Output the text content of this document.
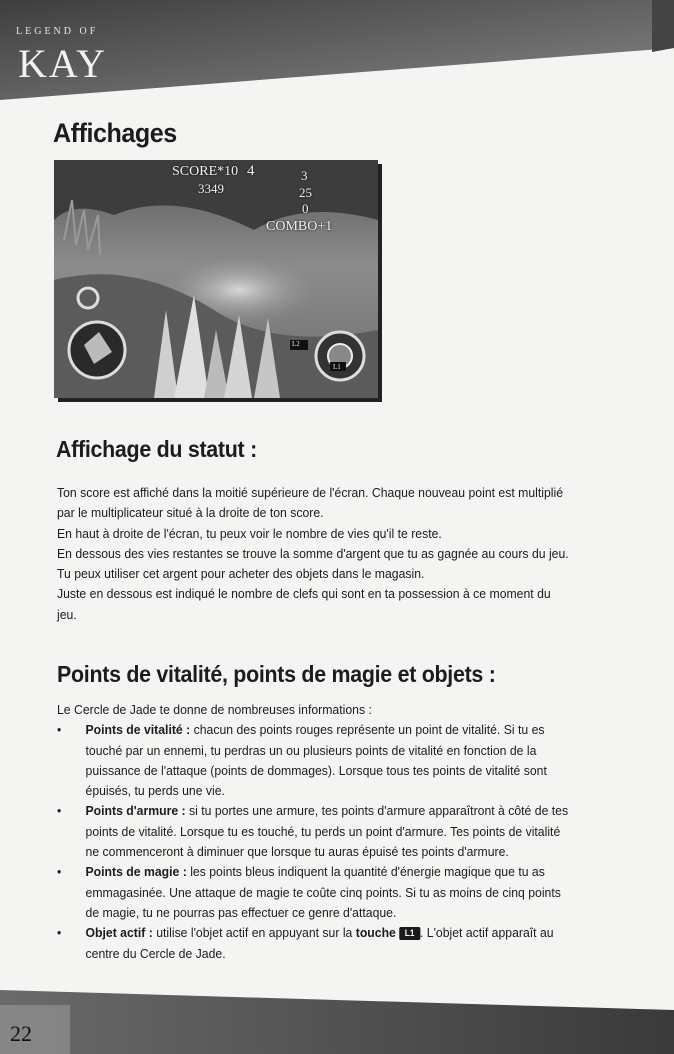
LEGEND OF
KAY
Affichages
SCORE*10 4
3349
3
25
0
COMBO+1
L2
L1
Affichage du statut :

Ton score est affiché dans la moitié supérieure de l'écran. Chaque nouveau point est multiplié par le multiplicateur situé à la droite de ton score.

En haut à droite de l'écran, tu peux voir le nombre de vies qu'il te reste.

En dessous des vies restantes se trouve la somme d'argent que tu as gagnée au cours du jeu. Tu peux utiliser cet argent pour acheter des objets dans le magasin.

Juste en dessous est indiqué le nombre de clefs qui sont en ta possession à ce moment du jeu.

Points de vitalité, points de magie et objets :

Le Cercle de Jade te donne de nombreuses informations :

• Points de vitalité : chacun des points rouges représente un point de vitalité. Si tu es touché par un ennemi, tu perdras un ou plusieurs points de vitalité en fonction de la puissance de l'attaque (points de dommages). Lorsque tous tes points de vitalité sont épuisés, tu perds une vie.
• Points d'armure : si tu portes une armure, tes points d'armure apparaîtront à côté de tes points de vitalité. Lorsque tu es touché, tu perds un point d'armure. Tes points de vitalité ne commenceront à diminuer que lorsque tu auras épuisé tes points d'armure.
• Points de magie : les points bleus indiquent la quantité d'énergie magique que tu as emmagasinée. Une attaque de magie te coûte cinq points. Si tu as moins de cinq points de magie, tu ne pourras pas effectuer ce genre d'attaque.
• Objet actif : utilise l'objet actif en appuyant sur la touche L1 . L'objet actif apparaît au centre du Cercle de Jade.
22
